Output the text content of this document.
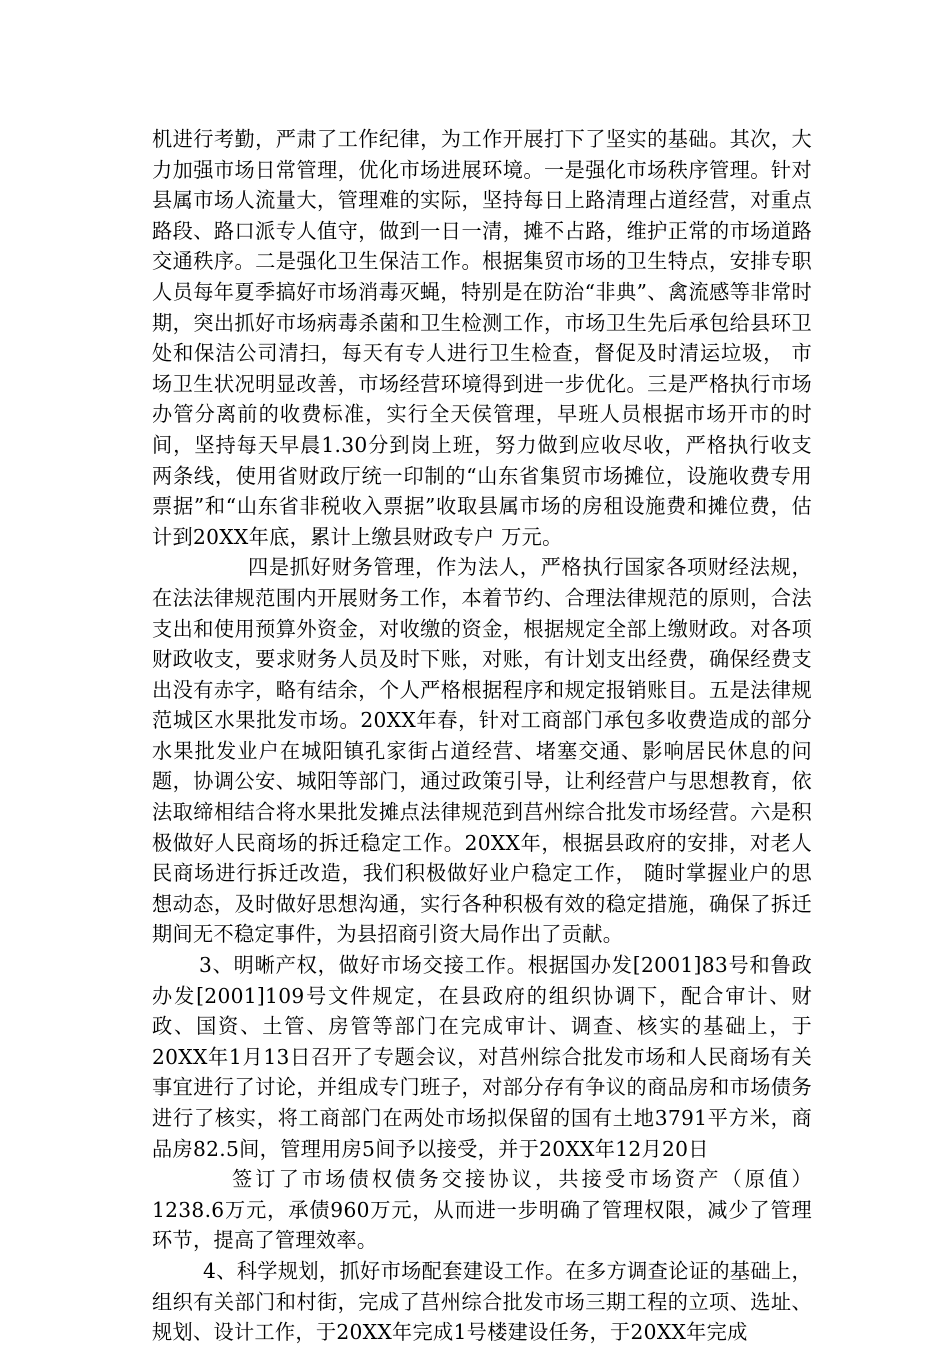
机进行考勤，严肃了工作纪律，为工作开展打下了坚实的基础。其次，大力加强市场日常管理，优化市场进展环境。一是强化市场秩序管理。针对县属市场人流量大，管理难的实际，坚持每日上路清理占道经营，对重点路段、路口派专人值守，做到一日一清，摊不占路，维护正常的市场道路交通秩序。二是强化卫生保洁工作。根据集贸市场的卫生特点，安排专职人员每年夏季搞好市场消毒灭蝇，特别是在防治“非典”、禽流感等非常时期，突出抓好市场病毒杀菌和卫生检测工作，市场卫生先后承包给县环卫处和保洁公司清扫，每天有专人进行卫生检查，督促及时清运垃圾， 市场卫生状况明显改善，市场经营环境得到进一步优化。三是严格执行市场办管分离前的收费标准，实行全天侯管理，早班人员根据市场开市的时间，坚持每天早晨1.30分到岗上班，努力做到应收尽收，严格执行收支两条线，使用省财政厅统一印制的“山东省集贸市场摊位，设施收费专用票据”和“山东省非税收入票据”收取县属市场的房租设施费和摊位费，估计到20XX年底，累计上缴县财政专户 万元。

四是抓好财务管理，作为法人，严格执行国家各项财经法规，在法法律规范围内开展财务工作，本着节约、合理法律规范的原则，合法支出和使用预算外资金，对收缴的资金，根据规定全部上缴财政。对各项财政收支，要求财务人员及时下账，对账，有计划支出经费，确保经费支出没有赤字，略有结余，个人严格根据程序和规定报销账目。五是法律规范城区水果批发市场。20XX年春，针对工商部门承包多收费造成的部分水果批发业户在城阳镇孔家街占道经营、堵塞交通、影响居民休息的问题，协调公安、城阳等部门，通过政策引导，让利经营户与思想教育，依法取缔相结合将水果批发摊点法律规范到莒州综合批发市场经营。六是积极做好人民商场的拆迁稳定工作。20XX年，根据县政府的安排，对老人民商场进行拆迁改造，我们积极做好业户稳定工作， 随时掌握业户的思想动态，及时做好思想沟通，实行各种积极有效的稳定措施，确保了拆迁期间无不稳定事件，为县招商引资大局作出了贡献。

3、明晰产权，做好市场交接工作。根据国办发[2001]83号和鲁政办发[2001]109号文件规定，在县政府的组织协调下，配合审计、财政、国资、土管、房管等部门在完成审计、调查、核实的基础上，于20XX年1月13日召开了专题会议，对莒州综合批发市场和人民商场有关事宜进行了讨论，并组成专门班子，对部分存有争议的商品房和市场债务进行了核实，将工商部门在两处市场拟保留的国有土地3791平方米，商品房82.5间，管理用房5间予以接受，并于20XX年12月20日

签订了市场债权债务交接协议，共接受市场资产（原值）1238.6万元，承债960万元，从而进一步明确了管理权限，减少了管理环节，提高了管理效率。

4、科学规划，抓好市场配套建设工作。在多方调查论证的基础上，组织有关部门和村街，完成了莒州综合批发市场三期工程的立项、选址、规划、设计工作，于20XX年完成1号楼建设任务，于20XX年完成
